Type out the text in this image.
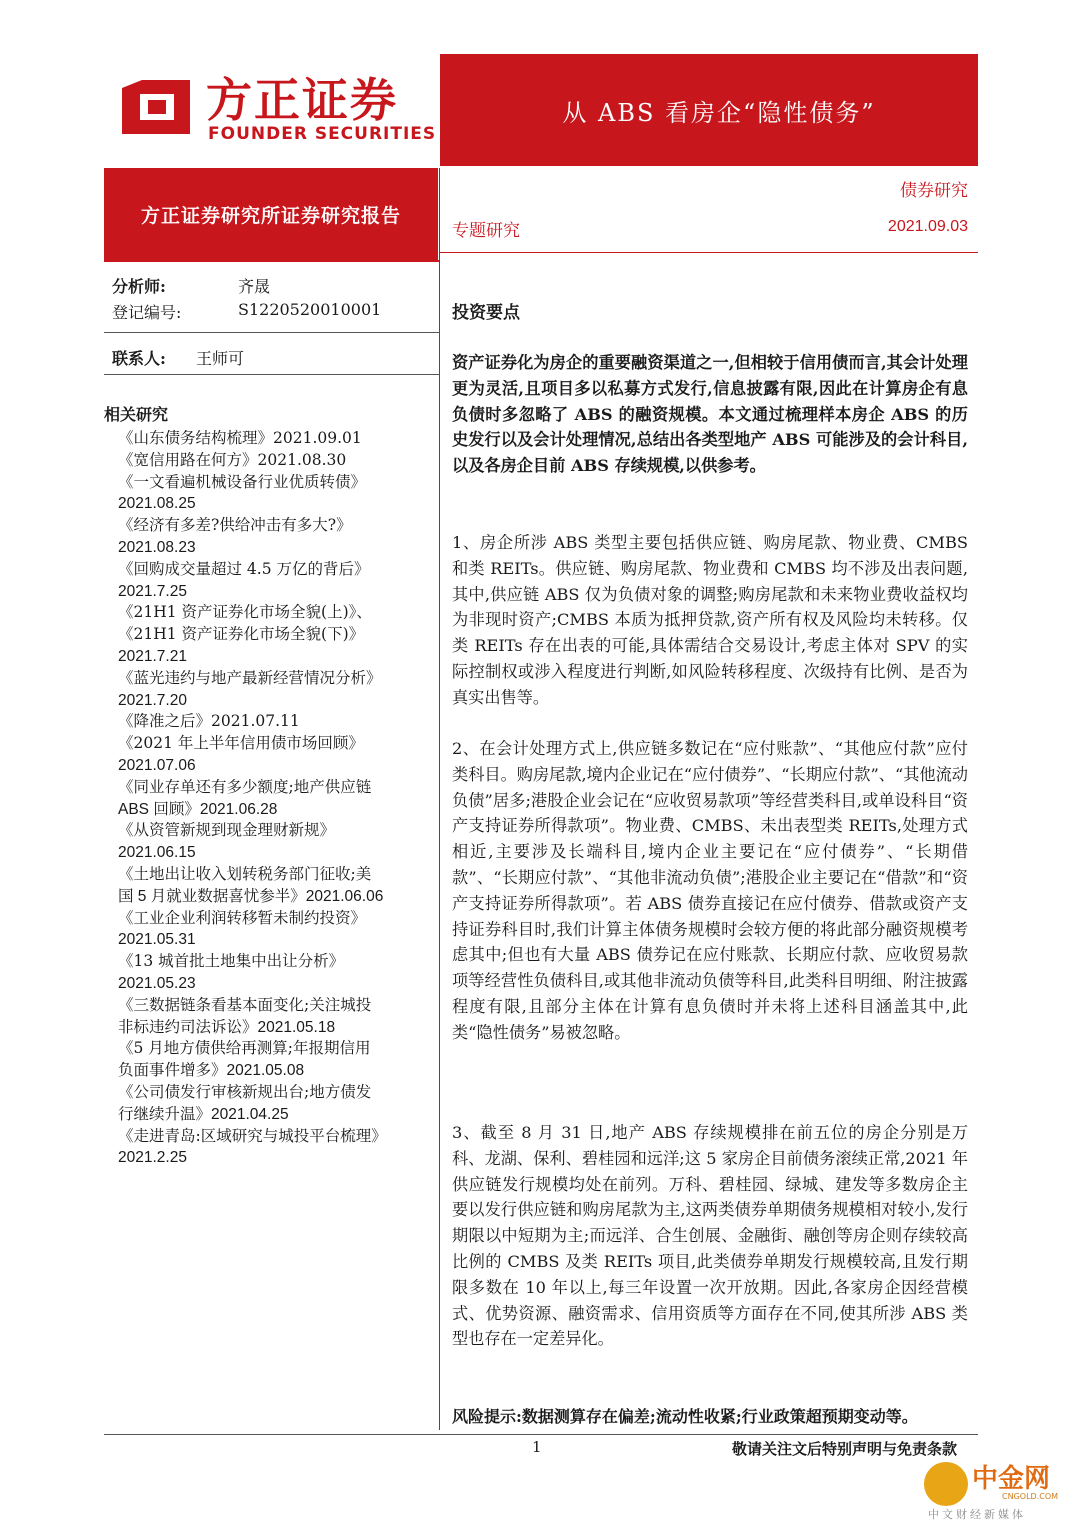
方正证券
FOUNDER SECURITIES
从 ABS 看房企“隐性债务”
方正证券研究所证券研究报告
债券研究
专题研究	2021.09.03
分析师:	齐晟
登记编号:	S1220520010001
联系人: 王师可
相关研究
《山东债务结构梳理》2021.09.01
《宽信用路在何方》2021.08.30
《一文看遍机械设备行业优质转债》
2021.08.25
《经济有多差?供给冲击有多大?》
2021.08.23
《回购成交量超过 4.5 万亿的背后》
2021.7.25
《21H1 资产证券化市场全貌(上)》、《21H1 资产证券化市场全貌(下)》
2021.7.21
《蓝光违约与地产最新经营情况分析》
2021.7.20
《降准之后》2021.07.11
《2021 年上半年信用债市场回顾》
2021.07.06
《同业存单还有多少额度;地产供应链
ABS 回顾》2021.06.28
《从资管新规到现金理财新规》
2021.06.15
《土地出让收入划转税务部门征收;美
国 5 月就业数据喜忧参半》2021.06.06
《工业企业利润转移暂未制约投资》
2021.05.31
《13 城首批土地集中出让分析》
2021.05.23
《三数据链条看基本面变化;关注城投
非标违约司法诉讼》2021.05.18
《5 月地方债供给再测算;年报期信用
负面事件增多》2021.05.08
《公司债发行审核新规出台;地方债发
行继续升温》2021.04.25
《走进青岛:区域研究与城投平台梳理》
2021.2.25
投资要点
资产证券化为房企的重要融资渠道之一,但相较于信用债而言,其会计处理更为灵活,且项目多以私募方式发行,信息披露有限,因此在计算房企有息负债时多忽略了 ABS 的融资规模。本文通过梳理样本房企 ABS 的历史发行以及会计处理情况,总结出各类型地产 ABS 可能涉及的会计科目,以及各房企目前 ABS 存续规模,以供参考。
1、房企所涉 ABS 类型主要包括供应链、购房尾款、物业费、CMBS 和类 REITs。供应链、购房尾款、物业费和 CMBS 均不涉及出表问题,其中,供应链 ABS 仅为负债对象的调整;购房尾款和未来物业费收益权均为非现时资产;CMBS 本质为抵押贷款,资产所有权及风险均未转移。仅类 REITs 存在出表的可能,具体需结合交易设计,考虑主体对 SPV 的实际控制权或涉入程度进行判断,如风险转移程度、次级持有比例、是否为真实出售等。
2、在会计处理方式上,供应链多数记在“应付账款”、“其他应付款”应付类科目。购房尾款,境内企业记在“应付债券”、“长期应付款”、“其他流动负债”居多;港股企业会记在“应收贸易款项”等经营类科目,或单设科目“资产支持证券所得款项”。物业费、CMBS、未出表型类 REITs,处理方式相近,主要涉及长端科目,境内企业主要记在“应付债券”、“长期借款”、“长期应付款”、“其他非流动负债”;港股企业主要记在“借款”和“资产支持证券所得款项”。若 ABS 债券直接记在应付债券、借款或资产支持证券科目时,我们计算主体债务规模时会较方便的将此部分融资规模考虑其中;但也有大量 ABS 债券记在应付账款、长期应付款、应收贸易款项等经营性负债科目,或其他非流动负债等科目,此类科目明细、附注披露程度有限,且部分主体在计算有息负债时并未将上述科目涵盖其中,此类“隐性债务”易被忽略。
3、截至 8 月 31 日,地产 ABS 存续规模排在前五位的房企分别是万科、龙湖、保利、碧桂园和远洋;这 5 家房企目前债务滚续正常,2021 年供应链发行规模均处在前列。万科、碧桂园、绿城、建发等多数房企主要以发行供应链和购房尾款为主,这两类债券单期债务规模相对较小,发行期限以中短期为主;而远洋、合生创展、金融街、融创等房企则存续较高比例的 CMBS 及类 REITs 项目,此类债券单期发行规模较高,且发行期限多数在 10 年以上,每三年设置一次开放期。因此,各家房企因经营模式、优势资源、融资需求、信用资质等方面存在不同,使其所涉 ABS 类型也存在一定差异化。
风险提示:数据测算存在偏差;流动性收紧;行业政策超预期变动等。
1	敬请关注文后特别声明与免责条款
中金网
CNGOLD.COM
中文财经新媒体
